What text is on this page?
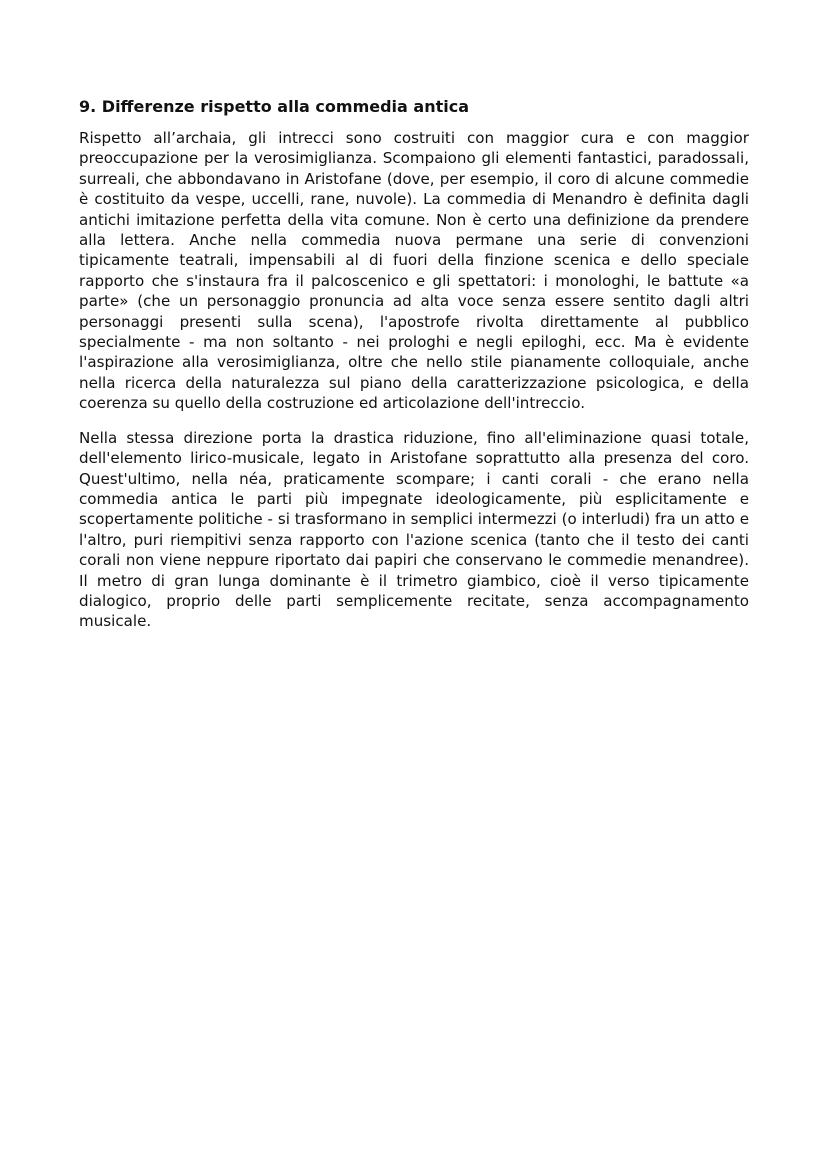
9. Differenze rispetto alla commedia antica

Rispetto all’archaia, gli intrecci sono costruiti con maggior cura e con maggior preoccupazione per la verosimiglianza. Scompaiono gli elementi fantastici, paradossali, surreali, che abbondavano in Aristofane (dove, per esempio, il coro di alcune commedie è costituito da vespe, uccelli, rane, nuvole). La commedia di Menandro è definita dagli antichi imitazione perfetta della vita comune. Non è certo una definizione da prendere alla lettera. Anche nella commedia nuova permane una serie di convenzioni tipicamente teatrali, impensabili al di fuori della finzione scenica e dello speciale rapporto che s'instaura fra il palcoscenico e gli spettatori: i monologhi, le battute «a parte» (che un personaggio pronuncia ad alta voce senza essere sentito dagli altri personaggi presenti sulla scena), l'apostrofe rivolta direttamente al pubblico specialmente - ma non soltanto - nei prologhi e negli epiloghi, ecc. Ma è evidente l'aspirazione alla verosimiglianza, oltre che nello stile pianamente colloquiale, anche nella ricerca della naturalezza sul piano della caratterizzazione psicologica, e della coerenza su quello della costruzione ed articolazione dell'intreccio.

Nella stessa direzione porta la drastica riduzione, fino all'eliminazione quasi totale, dell'elemento lirico-musicale, legato in Aristofane soprattutto alla presenza del coro. Quest'ultimo, nella néa, praticamente scompare; i canti corali - che erano nella commedia antica le parti più impegnate ideologicamente, più esplicitamente e scopertamente politiche - si trasformano in semplici intermezzi (o interludi) fra un atto e l'altro, puri riempitivi senza rapporto con l'azione scenica (tanto che il testo dei canti corali non viene neppure riportato dai papiri che conservano le commedie menandree). Il metro di gran lunga dominante è il trimetro giambico, cioè il verso tipicamente dialogico, proprio delle parti semplicemente recitate, senza accompagnamento musicale.
